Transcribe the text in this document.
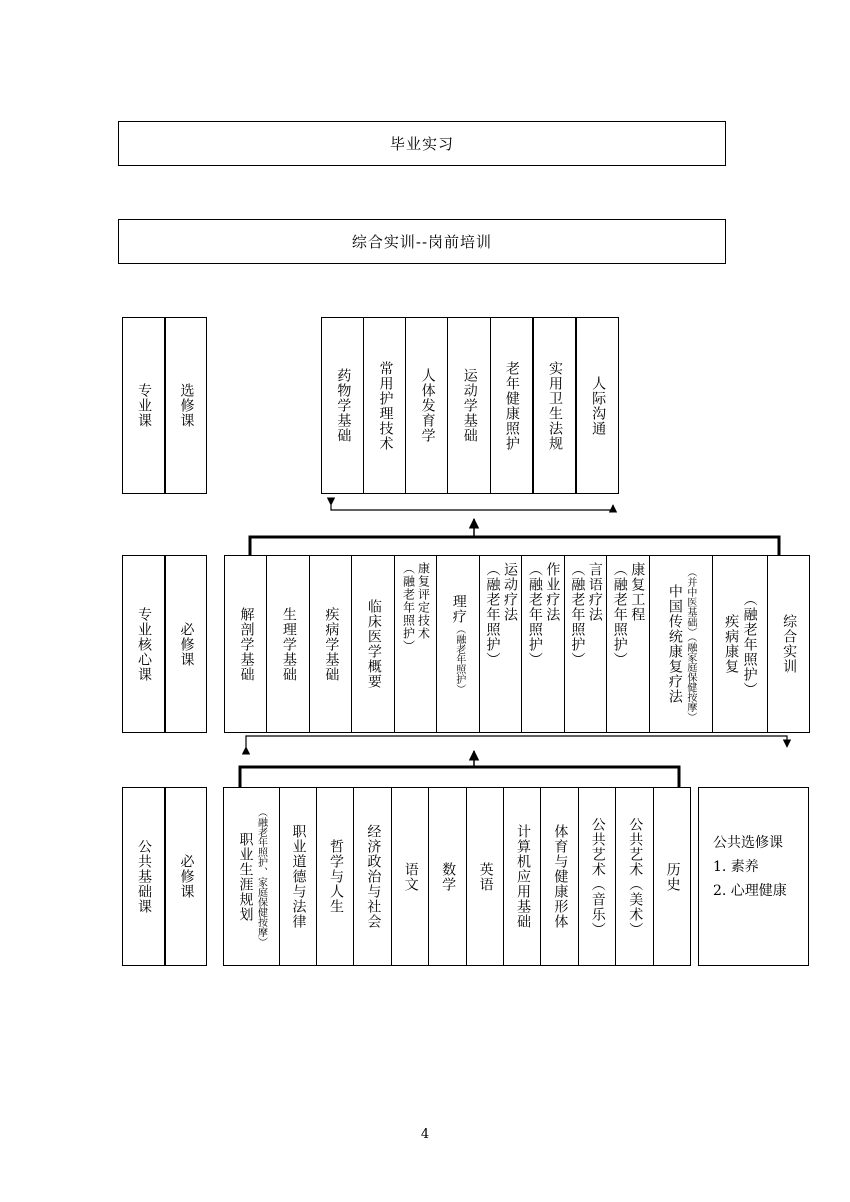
毕业实习
综合实训--岗前培训
专业课 选修课	药物学基础 常用护理技术 人体发育学 运动学基础 老年健康照护 实用卫生法规 人际沟通
专业核心课 必修课	解剖学基础 生理学基础 疾病学基础 临床医学概要	康复评定技术（融老年照护）	理疗（融老年照护）
运动疗法（融老年照护）	作业疗法（融老年照护）	言语疗法（融老年照护）	康复工程（融老年照护）	（并中医基础）（融家庭保健按摩）
中国传统康复疗法	（融老年照护）
疾病康复	综合实训
公共基础课 必修课	（融老年照护、家庭保健按摩）
职业生涯规划	职业道德与法律 哲学与人生 经济政治与社会 语文 数学 英语 计算机应用基础 体育与健康形体 公共艺术（音乐）
公共艺术（美术） 历史
公共选修课
1. 素养
2. 心理健康
4
